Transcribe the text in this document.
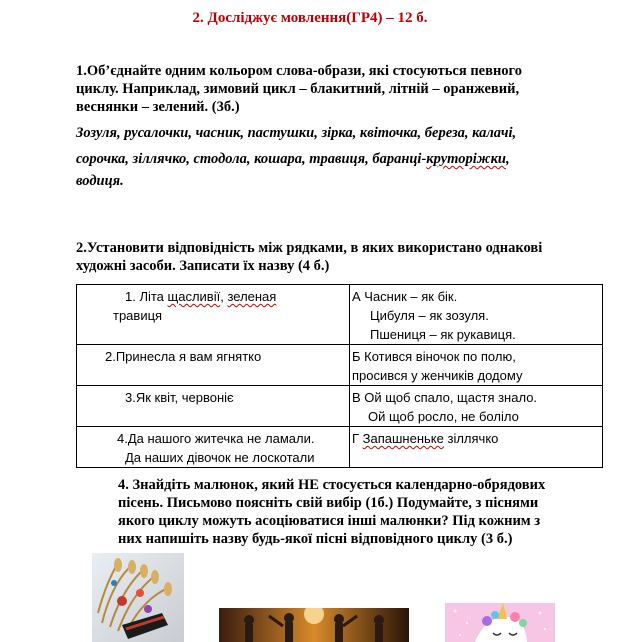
2. Досліджує мовлення(ГР4) – 12 б.
1.Об’єднайте одним кольором слова-образи, які стосуються певного
циклу. Наприклад, зимовий цикл – блакитний, літній – оранжевий,
веснянки – зелений. (3б.)
Зозуля, русалочки, часник, пастушки, зірка, квіточка, береза, калачі,
сорочка, зіллячко, стодола, кошара, травиця, баранці-круторіжки,
водиця.
2.Установити відповідність між рядками, в яких використано однакові
художні засоби. Записати їх назву (4 б.)
1. Літа щасливії, зеленая
травиця	А Часник – як бік.
Цибуля – як зозуля.
Пшениця – як рукавиця.

2.Принесла я вам ягнятко	Б Котився віночок по полю,
просився у женчиків додому

3.Як квіт, червоніє	В Ой щоб спало, щастя знало.
Ой щоб росло, не боліло

4.Да нашого житечка не ламали.
Да наших дівочок не лоскотали	Г Запашненьке зіллячко
4. Знайдіть малюнок, який НЕ стосується календарно-обрядових
пісень. Письмово поясніть свій вибір (1б.) Подумайте, з піснями
якого циклу можуть асоціюватися інші малюнки? Під кожним з
них напишіть назву будь-якої пісні відповідного циклу (3 б.)
